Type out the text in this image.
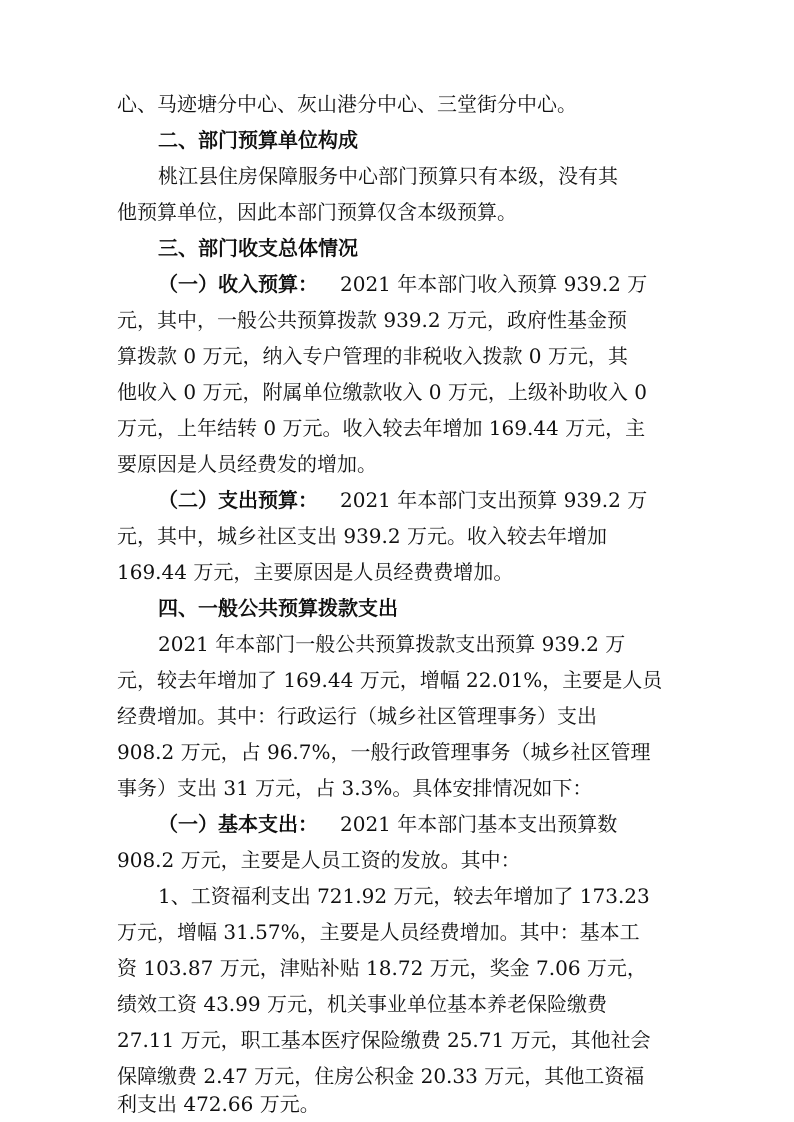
心、马迹塘分中心、灰山港分中心、三堂街分中心。
二、部门预算单位构成
桃江县住房保障服务中心部门预算只有本级，没有其
他预算单位，因此本部门预算仅含本级预算。
三、部门收支总体情况
（一）收入预算：	2021 年本部门收入预算 939.2 万
元，其中，一般公共预算拨款 939.2 万元，政府性基金预
算拨款 0 万元，纳入专户管理的非税收入拨款 0 万元，其
他收入 0 万元，附属单位缴款收入 0 万元，上级补助收入 0
万元，上年结转 0 万元。收入较去年增加 169.44 万元，主
要原因是人员经费发的增加。
（二）支出预算：	2021 年本部门支出预算 939.2 万
元，其中，城乡社区支出 939.2 万元。收入较去年增加
169.44 万元，主要原因是人员经费费增加。
四、一般公共预算拨款支出
2021 年本部门一般公共预算拨款支出预算 939.2 万
元，较去年增加了 169.44 万元，增幅 22.01%，主要是人员
经费增加。其中：行政运行（城乡社区管理事务）支出
908.2 万元，占 96.7%，一般行政管理事务（城乡社区管理
事务）支出 31 万元，占 3.3%。具体安排情况如下：
（一）基本支出：	2021 年本部门基本支出预算数
908.2 万元，主要是人员工资的发放。其中：
1、工资福利支出 721.92 万元，较去年增加了 173.23
万元，增幅 31.57%，主要是人员经费增加。其中：基本工
资 103.87 万元，津贴补贴 18.72 万元，奖金 7.06 万元，
绩效工资 43.99 万元，机关事业单位基本养老保险缴费
27.11 万元，职工基本医疗保险缴费 25.71 万元，其他社会
保障缴费 2.47 万元，住房公积金 20.33 万元，其他工资福
利支出 472.66 万元。
